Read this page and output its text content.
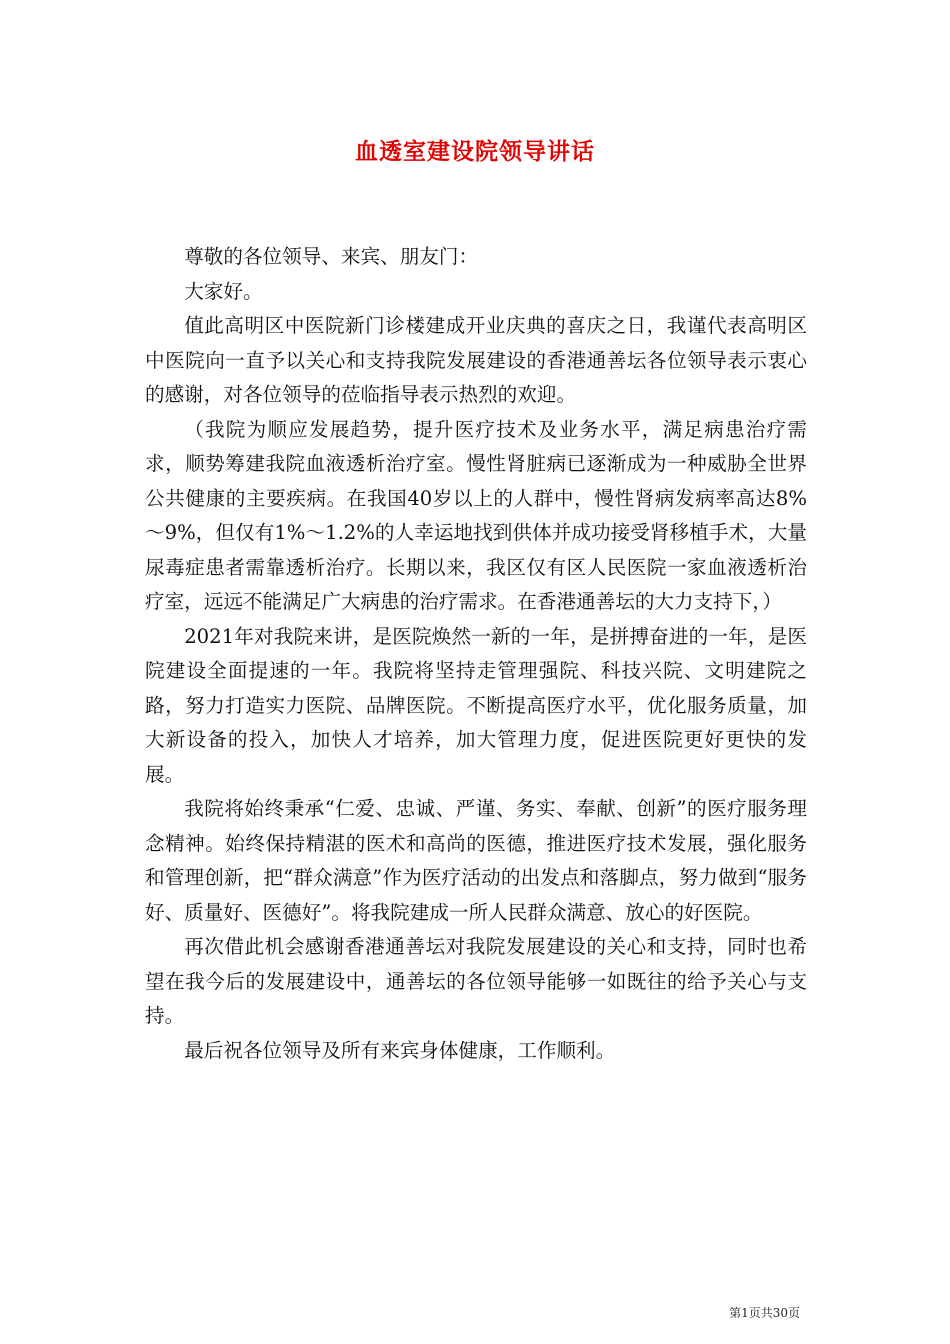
血透室建设院领导讲话

尊敬的各位领导、来宾、朋友门：

大家好。

值此高明区中医院新门诊楼建成开业庆典的喜庆之日，我谨代表高明区中医院向一直予以关心和支持我院发展建设的香港通善坛各位领导表示衷心的感谢，对各位领导的莅临指导表示热烈的欢迎。

（我院为顺应发展趋势，提升医疗技术及业务水平，满足病患治疗需求，顺势筹建我院血液透析治疗室。慢性肾脏病已逐渐成为一种威胁全世界公共健康的主要疾病。在我国40岁以上的人群中，慢性肾病发病率高达8%～9%，但仅有1%～1.2%的人幸运地找到供体并成功接受肾移植手术，大量尿毒症患者需靠透析治疗。长期以来，我区仅有区人民医院一家血液透析治疗室，远远不能满足广大病患的治疗需求。在香港通善坛的大力支持下，）

2021年对我院来讲，是医院焕然一新的一年，是拼搏奋进的一年，是医院建设全面提速的一年。我院将坚持走管理强院、科技兴院、文明建院之路，努力打造实力医院、品牌医院。不断提高医疗水平，优化服务质量，加大新设备的投入，加快人才培养，加大管理力度，促进医院更好更快的发展。

我院将始终秉承“仁爱、忠诚、严谨、务实、奉献、创新”的医疗服务理念精神。始终保持精湛的医术和高尚的医德，推进医疗技术发展，强化服务和管理创新，把“群众满意”作为医疗活动的出发点和落脚点，努力做到“服务好、质量好、医德好”。将我院建成一所人民群众满意、放心的好医院。

再次借此机会感谢香港通善坛对我院发展建设的关心和支持，同时也希望在我今后的发展建设中，通善坛的各位领导能够一如既往的给予关心与支持。

最后祝各位领导及所有来宾身体健康，工作顺利。

第1页共30页
